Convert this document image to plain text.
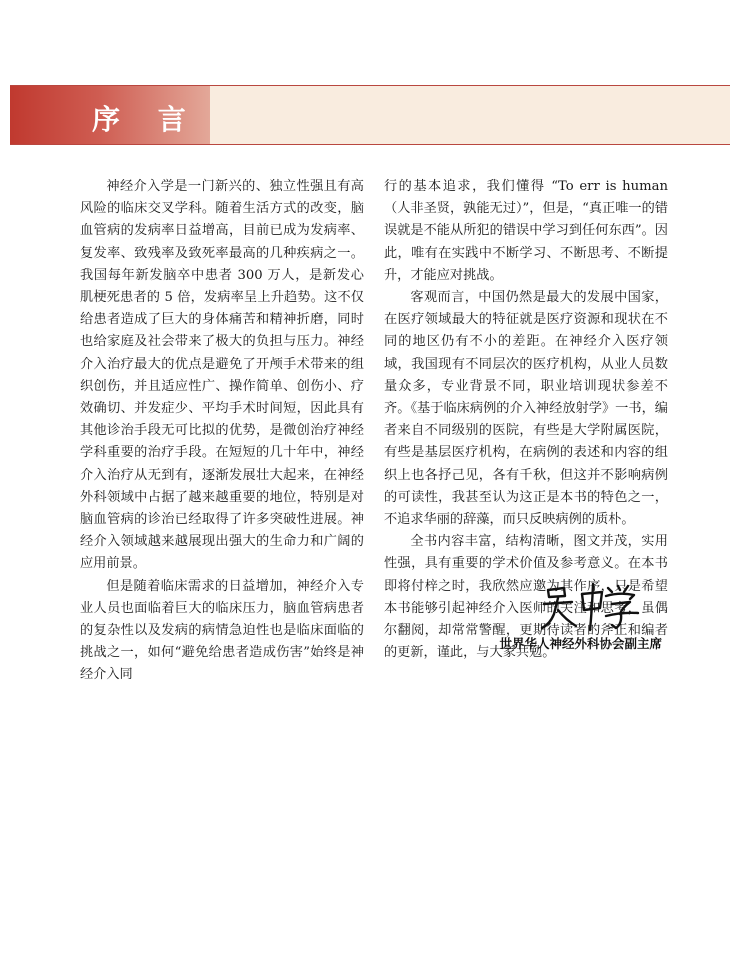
序 言

神经介入学是一门新兴的、独立性强且有高风险的临床交叉学科。随着生活方式的改变，脑血管病的发病率日益增高，目前已成为发病率、复发率、致残率及致死率最高的几种疾病之一。我国每年新发脑卒中患者 300 万人，是新发心肌梗死患者的 5 倍，发病率呈上升趋势。这不仅给患者造成了巨大的身体痛苦和精神折磨，同时也给家庭及社会带来了极大的负担与压力。神经介入治疗最大的优点是避免了开颅手术带来的组织创伤，并且适应性广、操作简单、创伤小、疗效确切、并发症少、平均手术时间短，因此具有其他诊治手段无可比拟的优势，是微创治疗神经学科重要的治疗手段。在短短的几十年中，神经介入治疗从无到有，逐渐发展壮大起来，在神经外科领域中占据了越来越重要的地位，特别是对脑血管病的诊治已经取得了许多突破性进展。神经介入领域越来越展现出强大的生命力和广阔的应用前景。

但是随着临床需求的日益增加，神经介入专业人员也面临着巨大的临床压力，脑血管病患者的复杂性以及发病的病情急迫性也是临床面临的挑战之一，如何“避免给患者造成伤害”始终是神经介入同

行的基本追求，我们懂得 “To err is human（人非圣贤，孰能无过）”，但是，“真正唯一的错误就是不能从所犯的错误中学习到任何东西”。因此，唯有在实践中不断学习、不断思考、不断提升，才能应对挑战。

客观而言，中国仍然是最大的发展中国家，在医疗领域最大的特征就是医疗资源和现状在不同的地区仍有不小的差距。在神经介入医疗领域，我国现有不同层次的医疗机构，从业人员数量众多，专业背景不同，职业培训现状参差不齐。《基于临床病例的介入神经放射学》一书，编者来自不同级别的医院，有些是大学附属医院，有些是基层医疗机构，在病例的表述和内容的组织上也各抒己见，各有千秋，但这并不影响病例的可读性，我甚至认为这正是本书的特色之一，不追求华丽的辞藻，而只反映病例的质朴。

全书内容丰富，结构清晰，图文并茂，实用性强，具有重要的学术价值及参考意义。在本书即将付梓之时，我欣然应邀为其作序，只是希望本书能够引起神经介入医师的关注和思考，虽偶尔翻阅，却常常警醒，更期待读者的斧正和编者的更新，谨此，与大家共勉。

世界华人神经外科协会副主席
